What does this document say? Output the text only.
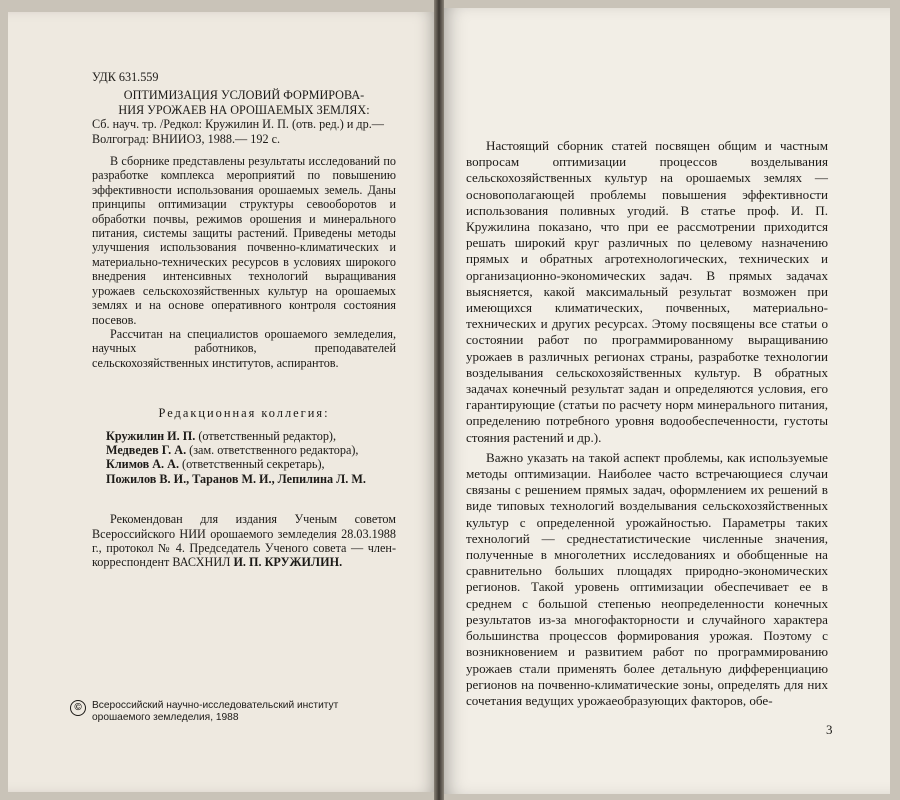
УДК 631.559

ОПТИМИЗАЦИЯ УСЛОВИЙ ФОРМИРОВА-
НИЯ УРОЖАЕВ НА ОРОШАЕМЫХ ЗЕМЛЯХ:

Сб. науч. тр. /Редкол: Кружилин И. П. (отв. ред.) и др.— Волгоград: ВНИИОЗ, 1988.— 192 с.

В сборнике представлены результаты исследований по разработке комплекса мероприятий по повышению эффективности использования орошаемых земель. Даны принципы оптимизации структуры севооборотов и обработки почвы, режимов орошения и минерального питания, системы защиты растений. Приведены методы улучшения использования почвенно-климатических и материально-технических ресурсов в условиях широкого внедрения интенсивных технологий выращивания урожаев сельскохозяйственных культур на орошаемых землях и на основе оперативного контроля состояния посевов.

Рассчитан на специалистов орошаемого земледелия, научных работников, преподавателей сельскохозяйственных институтов, аспирантов.

Редакционная коллегия:
Кружилин И. П. (ответственный редактор),
Медведев Г. А. (зам. ответственного редактора),
Климов А. А. (ответственный секретарь),
Пожилов В. И., Таранов М. И., Лепилина Л. М.

Рекомендован для издания Ученым советом Всероссийского НИИ орошаемого земледелия 28.03.1988 г., протокол № 4. Председатель Ученого совета — член-корреспондент ВАСХНИЛ И. П. КРУЖИЛИН.

©	Всероссийский научно-исследовательский институт орошаемого земледелия, 1988

Настоящий сборник статей посвящен общим и частным вопросам оптимизации процессов возделывания сельскохозяйственных культур на орошаемых землях — основополагающей проблемы повышения эффективности использования поливных угодий. В статье проф. И. П. Кружилина показано, что при ее рассмотрении приходится решать широкий круг различных по целевому назначению прямых и обратных агротехнологических, технических и организационно-экономических задач. В прямых задачах выясняется, какой максимальный результат возможен при имеющихся климатических, почвенных, материально-технических и других ресурсах. Этому посвящены все статьи о состоянии работ по программированному выращиванию урожаев в различных регионах страны, разработке технологии возделывания сельскохозяйственных культур. В обратных задачах конечный результат задан и определяются условия, его гарантирующие (статьи по расчету норм минерального питания, определению потребного уровня водообеспеченности, густоты стояния растений и др.).

Важно указать на такой аспект проблемы, как используемые методы оптимизации. Наиболее часто встречающиеся случаи связаны с решением прямых задач, оформлением их решений в виде типовых технологий возделывания сельскохозяйственных культур с определенной урожайностью. Параметры таких технологий — среднестатистические численные значения, полученные в многолетних исследованиях и обобщенные на сравнительно больших площадях природно-экономических регионов. Такой уровень оптимизации обеспечивает ее в среднем с большой степенью неопределенности конечных результатов из-за многофакторности и случайного характера большинства процессов формирования урожая. Поэтому с возникновением и развитием работ по программированию урожаев стали применять более детальную дифференциацию регионов на почвенно-климатические зоны, определять для них сочетания ведущих урожаеобразующих факторов, обе-

3
